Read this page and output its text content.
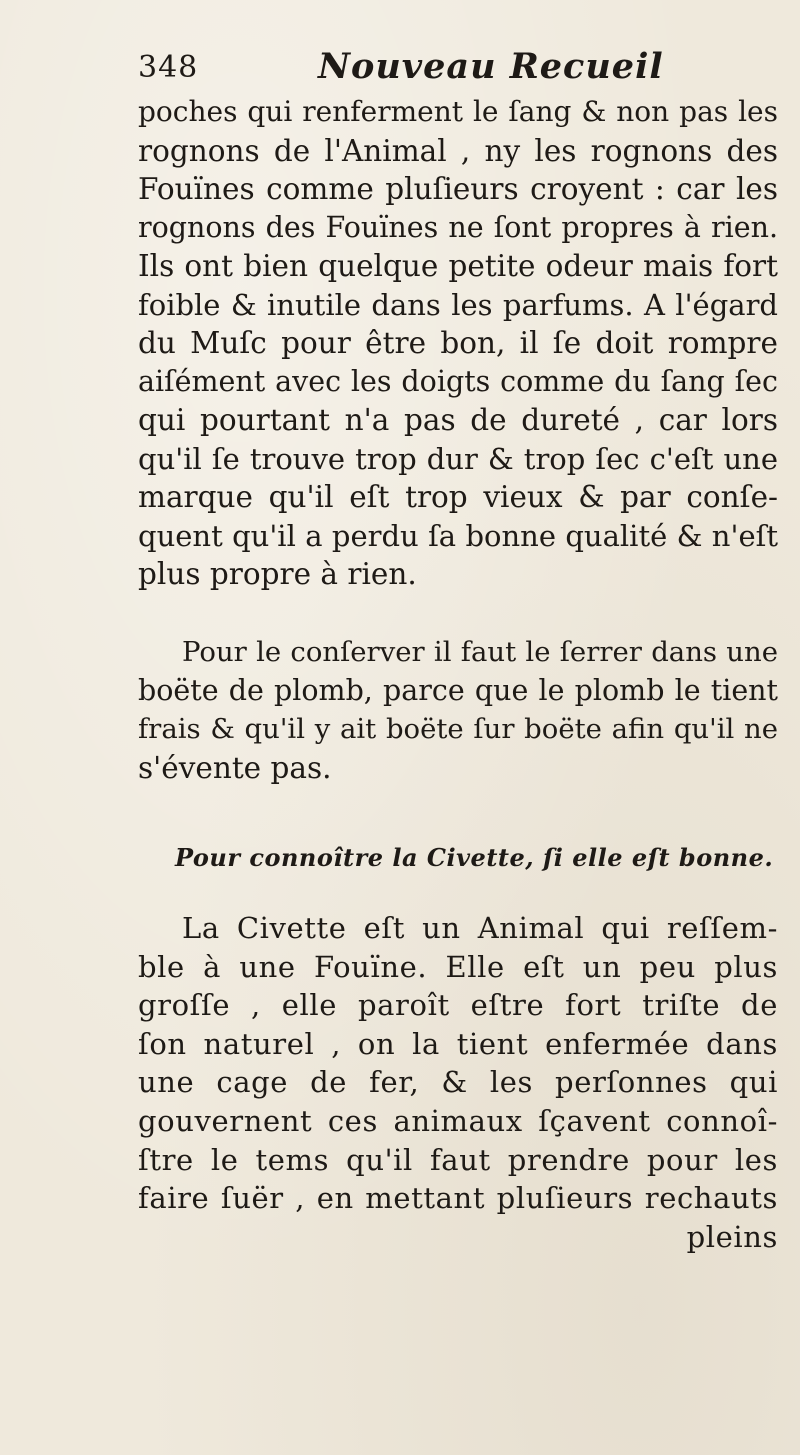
348	Nouveau Recueil
poches qui renferment le ſang & non pas les
rognons de l'Animal , ny les rognons des
Fouïnes comme pluſieurs croyent : car les
rognons des Fouïnes ne ſont propres à rien.
Ils ont bien quelque petite odeur mais fort
foible & inutile dans les parfums. A l'égard
du Muſc pour être bon, il ſe doit rompre
aiſément avec les doigts comme du ſang ſec
qui pourtant n'a pas de dureté , car lors
qu'il ſe trouve trop dur & trop ſec c'eſt une
marque qu'il eſt trop vieux & par conſe-
quent qu'il a perdu ſa bonne qualité & n'eſt
plus propre à rien.
Pour le conſerver il faut le ſerrer dans une
boëte de plomb, parce que le plomb le tient
frais & qu'il y ait boëte ſur boëte afin qu'il ne
s'évente pas.
Pour connoître la Civette, ſi elle eſt bonne.
La Civette eſt un Animal qui reſſem-
ble à une Fouïne. Elle eſt un peu plus
groſſe , elle paroît eſtre fort triſte de
ſon naturel , on la tient enfermée dans
une cage de fer, & les perſonnes qui
gouvernent ces animaux ſçavent connoî-
ſtre le tems qu'il faut prendre pour les
faire ſuër , en mettant pluſieurs rechauts
pleins
